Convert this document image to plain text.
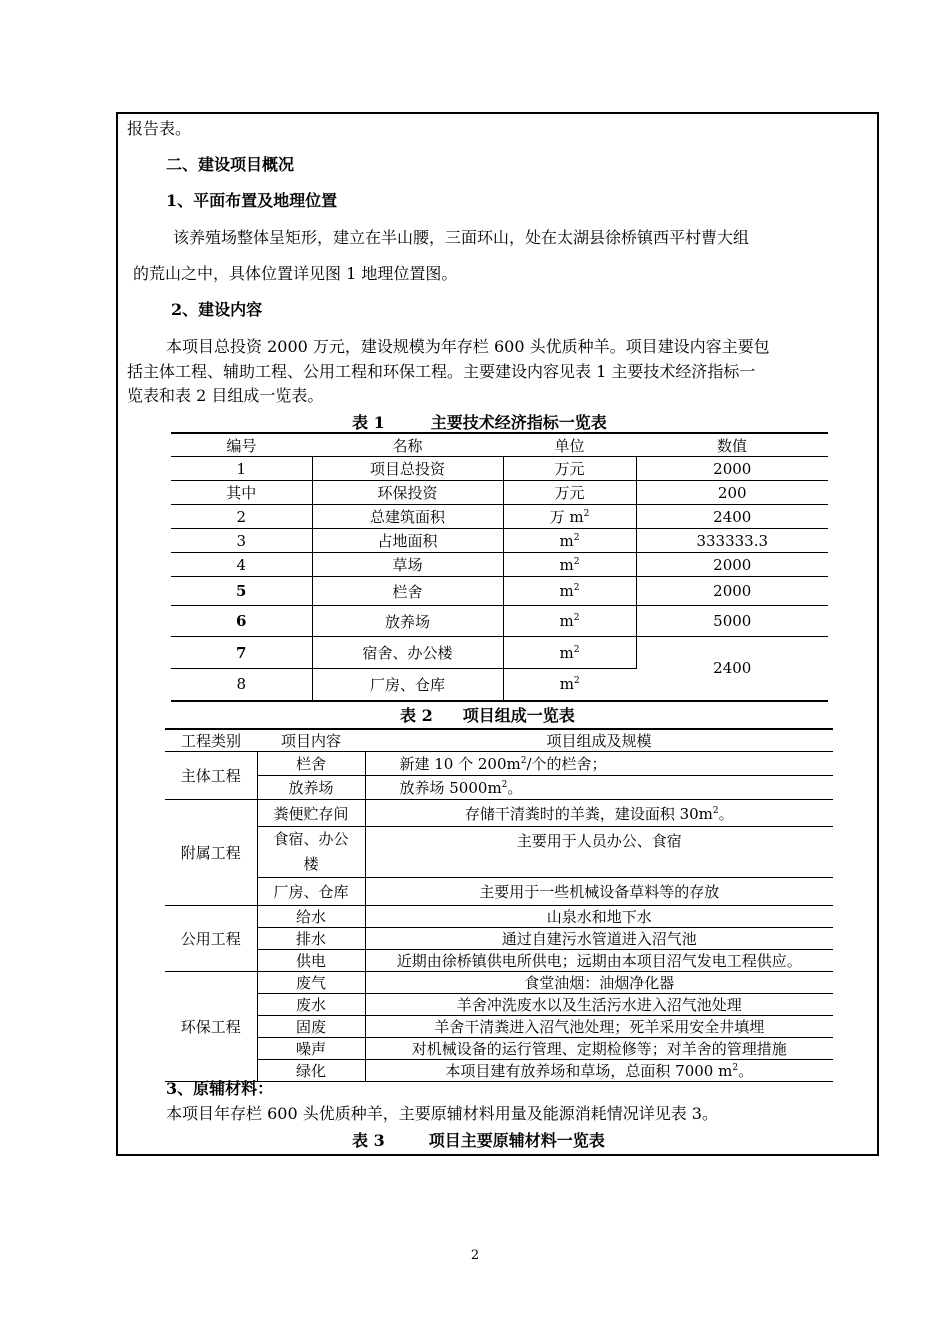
报告表。
二、建设项目概况
1、平面布置及地理位置
该养殖场整体呈矩形，建立在半山腰，三面环山，处在太湖县徐桥镇西平村曹大组
的荒山之中，具体位置详见图 1 地理位置图。
2、建设内容
本项目总投资 2000 万元，建设规模为年存栏 600 头优质种羊。项目建设内容主要包
括主体工程、辅助工程、公用工程和环保工程。主要建设内容见表 1 主要技术经济指标一
览表和表 2 目组成一览表。
表 1	主要技术经济指标一览表
编号	名称	单位	数值
1	项目总投资	万元	2000
其中	环保投资	万元	200
2	总建筑面积	万 $m^2$	2400
3	占地面积	$m^2$	333333.3
4	草场	$m^2$	2000
5	栏舍	$m^2$	2000
6	放养场	$m^2$	5000
7	宿舍、办公楼	$m^2$	2400
8	厂房、仓库	$m^2$
表 2 项目组成一览表
工程类别	项目内容	项目组成及规模
主体工程	栏舍	新建 10 个 $200m^2/$个的栏舍；
	放养场	放养场 $5000m^2$。
附属工程	粪便贮存间	存储干清粪时的羊粪，建设面积 $30m^2$。

	食宿、办公
楼	主要用于人员办公、食宿
	厂房、仓库	主要用于一些机械设备草料等的存放
公用工程	给水	山泉水和地下水
	排水	通过自建污水管道进入沼气池
	供电	近期由徐桥镇供电所供电；远期由本项目沼气发电工程供应。
环保工程	废气	食堂油烟：油烟净化器
	废水	羊舍冲洗废水以及生活污水进入沼气池处理
	固废	羊舍干清粪进入沼气池处理；死羊采用安全井填埋
	噪声	对机械设备的运行管理、定期检修等；对羊舍的管理措施
	绿化	本项目建有放养场和草场，总面积 7000 $m^2$。
3、原辅材料：
本项目年存栏 600 头优质种羊，主要原辅材料用量及能源消耗情况详见表 3。
表 3	项目主要原辅材料一览表
2
